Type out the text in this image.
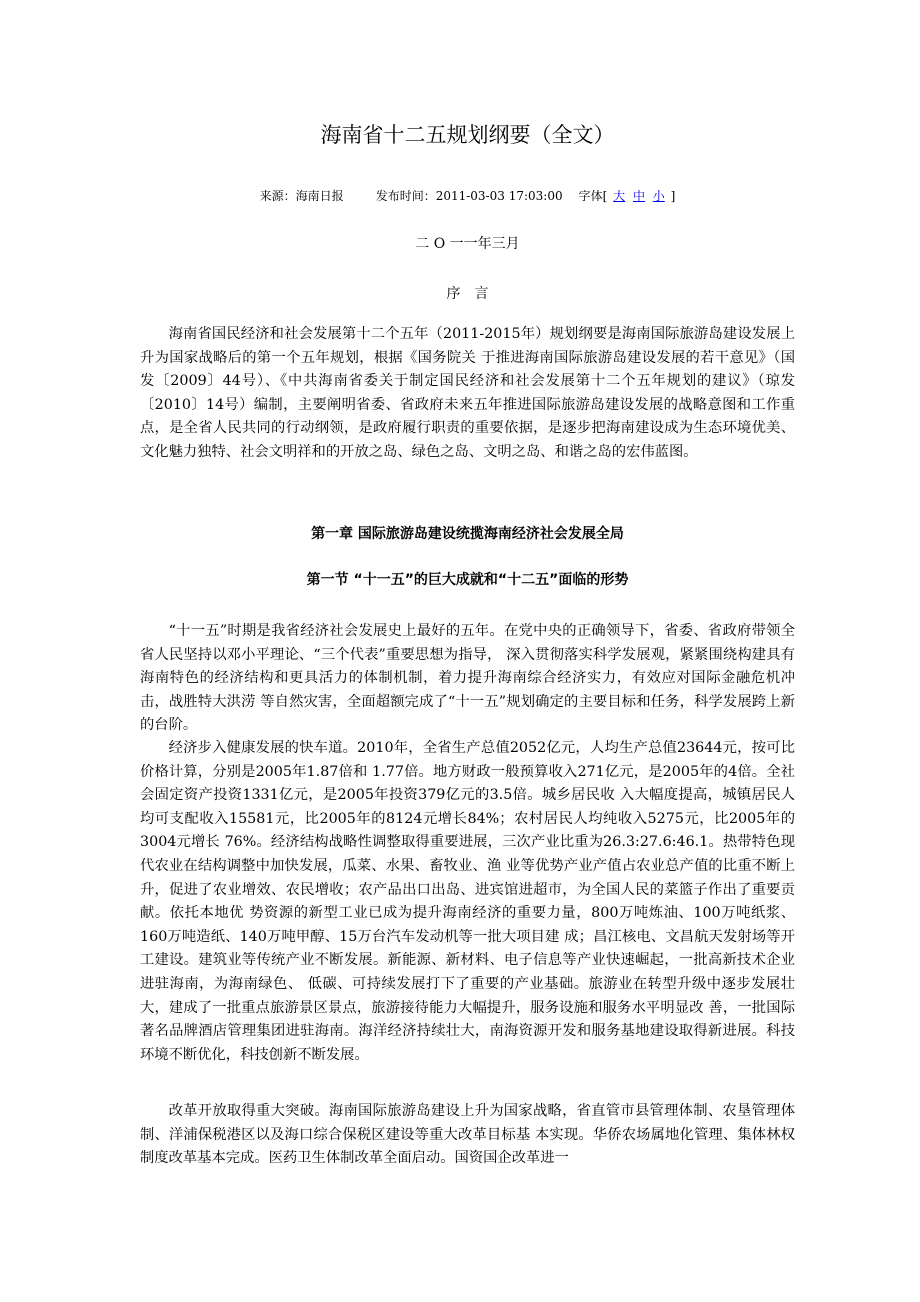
海南省十二五规划纲要（全文）
来源：海南日报	发布时间：2011-03-03 17:03:00 字体[ 大 中 小 ]
二 O 一一年三月
序言

海南省国民经济和社会发展第十二个五年（2011-2015年）规划纲要是海南国际旅游岛建设发展上升为国家战略后的第一个五年规划，根据《国务院关 于推进海南国际旅游岛建设发展的若干意见》（国发〔2009〕44号）、《中共海南省委关于制定国民经济和社会发展第十二个五年规划的建议》（琼发 〔2010〕14号）编制，主要阐明省委、省政府未来五年推进国际旅游岛建设发展的战略意图和工作重点，是全省人民共同的行动纲领，是政府履行职责的重要依据，是逐步把海南建设成为生态环境优美、文化魅力独特、社会文明祥和的开放之岛、绿色之岛、文明之岛、和谐之岛的宏伟蓝图。

第一章 国际旅游岛建设统揽海南经济社会发展全局
第一节 “十一五”的巨大成就和“十二五”面临的形势

“十一五”时期是我省经济社会发展史上最好的五年。在党中央的正确领导下，省委、省政府带领全省人民坚持以邓小平理论、“三个代表”重要思想为指导， 深入贯彻落实科学发展观，紧紧围绕构建具有海南特色的经济结构和更具活力的体制机制，着力提升海南综合经济实力，有效应对国际金融危机冲击，战胜特大洪涝 等自然灾害，全面超额完成了“十一五”规划确定的主要目标和任务，科学发展跨上新的台阶。

经济步入健康发展的快车道。2010年，全省生产总值2052亿元，人均生产总值23644元，按可比价格计算，分别是2005年1.87倍和 1.77倍。地方财政一般预算收入271亿元，是2005年的4倍。全社会固定资产投资1331亿元，是2005年投资379亿元的3.5倍。城乡居民收 入大幅度提高，城镇居民人均可支配收入15581元，比2005年的8124元增长84%；农村居民人均纯收入5275元，比2005年的3004元增长 76%。经济结构战略性调整取得重要进展，三次产业比重为26.3:27.6:46.1。热带特色现代农业在结构调整中加快发展，瓜菜、水果、畜牧业、渔 业等优势产业产值占农业总产值的比重不断上升，促进了农业增效、农民增收；农产品出口出岛、进宾馆进超市，为全国人民的菜篮子作出了重要贡献。依托本地优 势资源的新型工业已成为提升海南经济的重要力量，800万吨炼油、100万吨纸浆、160万吨造纸、140万吨甲醇、15万台汽车发动机等一批大项目建 成；昌江核电、文昌航天发射场等开工建设。建筑业等传统产业不断发展。新能源、新材料、电子信息等产业快速崛起，一批高新技术企业进驻海南，为海南绿色、 低碳、可持续发展打下了重要的产业基础。旅游业在转型升级中逐步发展壮大，建成了一批重点旅游景区景点，旅游接待能力大幅提升，服务设施和服务水平明显改 善，一批国际著名品牌酒店管理集团进驻海南。海洋经济持续壮大，南海资源开发和服务基地建设取得新进展。科技环境不断优化，科技创新不断发展。

改革开放取得重大突破。海南国际旅游岛建设上升为国家战略，省直管市县管理体制、农垦管理体制、洋浦保税港区以及海口综合保税区建设等重大改革目标基 本实现。华侨农场属地化管理、集体林权制度改革基本完成。医药卫生体制改革全面启动。国资国企改革进一
